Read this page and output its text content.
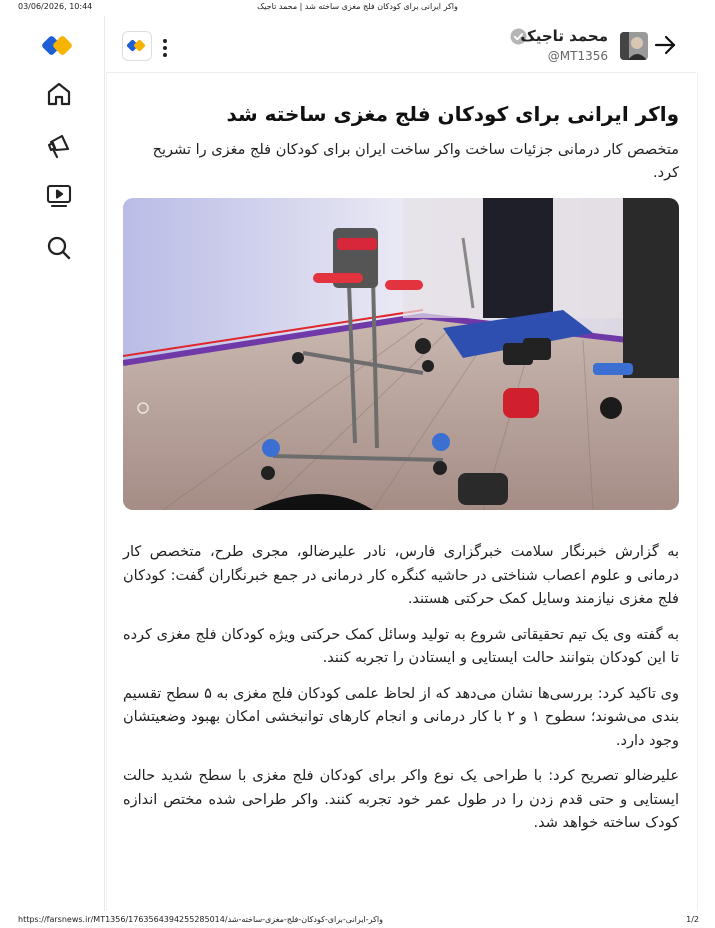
03/06/2026, 10:44	واکر ایرانی برای کودکان فلج مغزی ساخته شد | محمد تاجیک
محمد تاجیک
@MT1356
واکر ایرانی برای کودکان فلج مغزی ساخته شد

متخصص کار درمانی جزئیات ساخت واکر ساخت ایران برای کودکان فلج مغزی را تشریح کرد.

به گزارش خبرنگار سلامت خبرگزاری فارس، نادر علیرضالو، مجری طرح، متخصص کار درمانی و علوم اعصاب شناختی در حاشیه کنگره کار درمانی در جمع خبرنگاران گفت: کودکان فلج مغزی نیازمند وسایل کمک حرکتی هستند.

به گفته وی یک تیم تحقیقاتی شروع به تولید وسائل کمک حرکتی ویژه کودکان فلج مغزی کرده تا این کودکان بتوانند حالت ایستایی و ایستادن را تجربه کنند.

وی تاکید کرد: بررسی‌ها نشان می‌دهد که از لحاظ علمی کودکان فلج مغزی به ۵ سطح تقسیم بندی می‌شوند؛ سطوح ۱ و ۲ با کار درمانی و انجام کارهای توانبخشی امکان بهبود وضعیتشان وجود دارد.

علیرضالو تصریح کرد: با طراحی یک نوع واکر برای کودکان فلج مغزی با سطح شدید حالت ایستایی و حتی قدم زدن را در طول عمر خود تجربه کنند. واکر طراحی شده مختص اندازه کودک ساخته خواهد شد.

https://farsnews.ir/MT1356/1763564394255285014/واکر-ایرانی-برای-کودکان-فلج-مغزی-ساخته-شد	1/2
